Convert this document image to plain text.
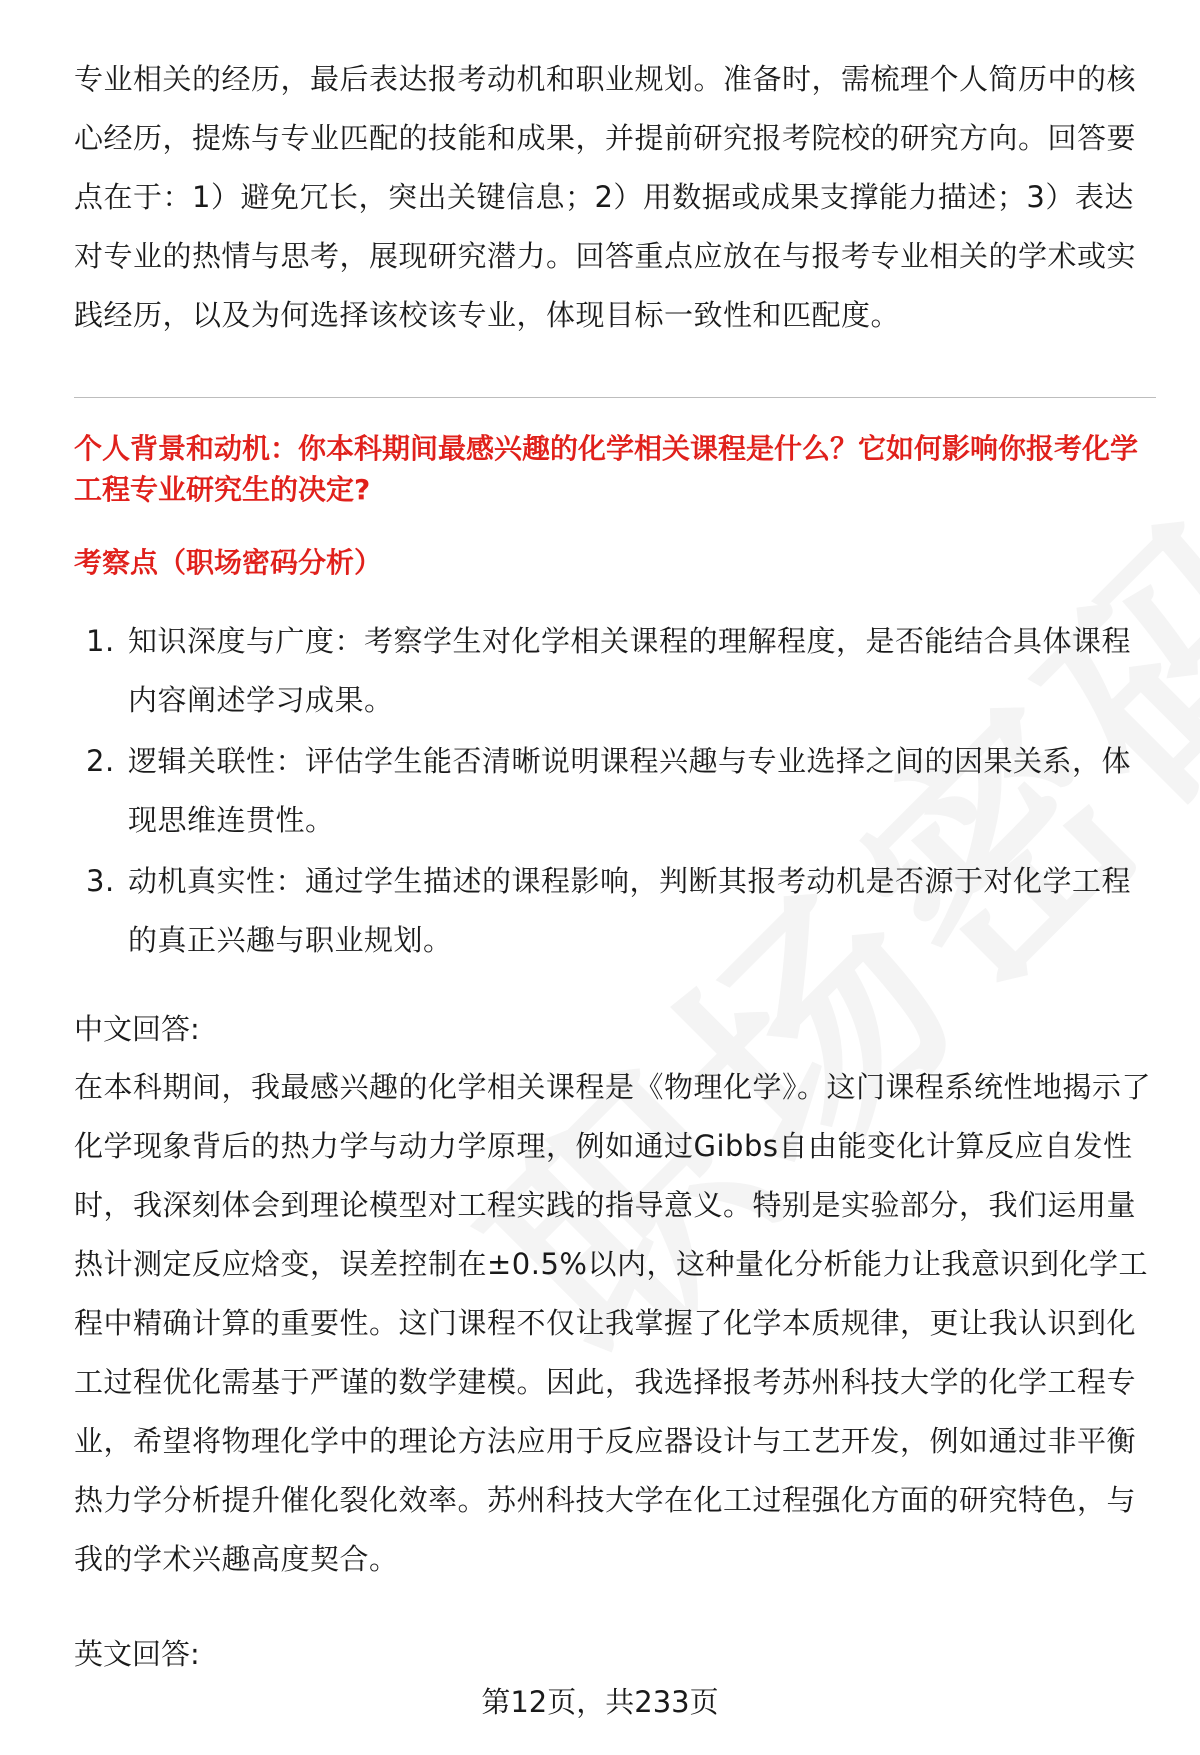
专业相关的经历，最后表达报考动机和职业规划。准备时，需梳理个人简历中的核心经历，提炼与专业匹配的技能和成果，并提前研究报考院校的研究方向。回答要点在于：1）避免冗长，突出关键信息；2）用数据或成果支撑能力描述；3）表达对专业的热情与思考，展现研究潜力。回答重点应放在与报考专业相关的学术或实践经历，以及为何选择该校该专业，体现目标一致性和匹配度。

个人背景和动机：你本科期间最感兴趣的化学相关课程是什么？它如何影响你报考化学工程专业研究生的决定?

考察点（职场密码分析）

1. 知识深度与广度：考察学生对化学相关课程的理解程度，是否能结合具体课程内容阐述学习成果。
2. 逻辑关联性：评估学生能否清晰说明课程兴趣与专业选择之间的因果关系，体现思维连贯性。
3. 动机真实性：通过学生描述的课程影响，判断其报考动机是否源于对化学工程的真正兴趣与职业规划。

中文回答:

在本科期间，我最感兴趣的化学相关课程是《物理化学》。这门课程系统性地揭示了化学现象背后的热力学与动力学原理，例如通过Gibbs自由能变化计算反应自发性时，我深刻体会到理论模型对工程实践的指导意义。特别是实验部分，我们运用量热计测定反应焓变，误差控制在±0.5%以内，这种量化分析能力让我意识到化学工程中精确计算的重要性。这门课程不仅让我掌握了化学本质规律，更让我认识到化工过程优化需基于严谨的数学建模。因此，我选择报考苏州科技大学的化学工程专业，希望将物理化学中的理论方法应用于反应器设计与工艺开发，例如通过非平衡热力学分析提升催化裂化效率。苏州科技大学在化工过程强化方面的研究特色，与我的学术兴趣高度契合。

英文回答:

第12页，共233页
